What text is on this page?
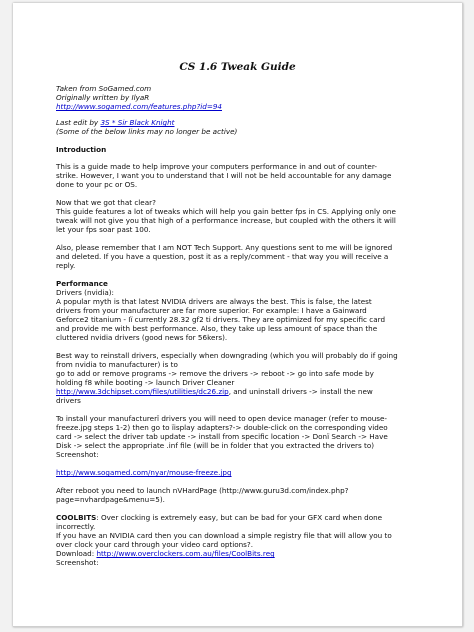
CS 1.6 Tweak Guide
Taken from SoGamed.com
Originally written by IlyaR
http://www.sogamed.com/features.php?id=94
Last edit by 3S * Sir Black Knight
(Some of the below links may no longer be active)
Introduction
This is a guide made to help improve your computers performance in and out of counter-
strike. However, I want you to understand that I will not be held accountable for any damage
done to your pc or OS.
Now that we got that clear?
This guide features a lot of tweaks which will help you gain better fps in CS. Applying only one
tweak will not give you that high of a performance increase, but coupled with the others it will
let your fps soar past 100.
Also, please remember that I am NOT Tech Support. Any questions sent to me will be ignored
and deleted. If you have a question, post it as a reply/comment - that way you will receive a
reply.
Performance
Drivers (nvidia):
A popular myth is that latest NVIDIA drivers are always the best. This is false, the latest
drivers from your manufacturer are far more superior. For example: I have a Gainward
Geforce2 titanium - Iï currently 28.32 gf2 ti drivers. They are optimized for my specific card
and provide me with best performance. Also, they take up less amount of space than the
cluttered nvidia drivers (good news for 56kers).
Best way to reinstall drivers, especially when downgrading (which you will probably do if going
from nvidia to manufacturer) is to
go to add or remove programs -> remove the drivers -> reboot -> go into safe mode by
holding f8 while booting -> launch Driver Cleaner
http://www.3dchipset.com/files/utilities/dc26.zip, and uninstall drivers -> install the new
drivers
To install your manufacturerï drivers you will need to open device manager (refer to mouse-
freeze.jpg steps 1-2) then go to ïisplay adapters?-> double-click on the corresponding video
card -> select the driver tab update -> install from specific location -> Donï Search -> Have
Disk -> select the appropriate .inf file (will be in folder that you extracted the drivers to)
Screenshot:
http://www.sogamed.com/nyar/mouse-freeze.jpg
After reboot you need to launch nVHardPage (http://www.guru3d.com/index.php?
page=nvhardpage&menu=5).
COOLBITS: Over clocking is extremely easy, but can be bad for your GFX card when done
incorrectly.
If you have an NVIDIA card then you can download a simple registry file that will allow you to
over clock your card through your video card options?.
Download: http://www.overclockers.com.au/files/CoolBits.reg
Screenshot:
